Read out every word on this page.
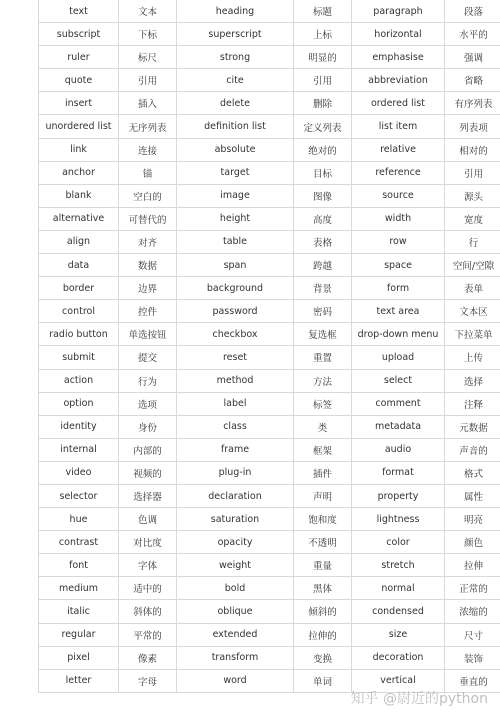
text	文本	heading	标题	paragraph	段落
subscript	下标	superscript	上标	horizontal	水平的
ruler	标尺	strong	明显的	emphasise	强调
quote	引用	cite	引用	abbreviation	省略
insert	插入	delete	删除	ordered list	有序列表
unordered list	无序列表	definition list	定义列表	list item	列表项
link	连接	absolute	绝对的	relative	相对的
anchor	锚	target	目标	reference	引用
blank	空白的	image	图像	source	源头
alternative	可替代的	height	高度	width	宽度
align	对齐	table	表格	row	行
data	数据	span	跨越	space	空间/空隙
border	边界	background	背景	form	表单
control	控件	password	密码	text area	文本区
radio button	单选按钮	checkbox	复选框	drop-down menu	下拉菜单
submit	提交	reset	重置	upload	上传
action	行为	method	方法	select	选择
option	选项	label	标签	comment	注释
identity	身份	class	类	metadata	元数据
internal	内部的	frame	框架	audio	声音的
video	视频的	plug-in	插件	format	格式
selector	选择器	declaration	声明	property	属性
hue	色调	saturation	饱和度	lightness	明亮
contrast	对比度	opacity	不透明	color	颜色
font	字体	weight	重量	stretch	拉伸
medium	适中的	bold	黑体	normal	正常的
italic	斜体的	oblique	倾斜的	condensed	浓缩的
regular	平常的	extended	拉伸的	size	尺寸
pixel	像素	transform	变换	decoration	装饰
letter	字母	word	单词	vertical	垂直的
知乎 @尉近的python
